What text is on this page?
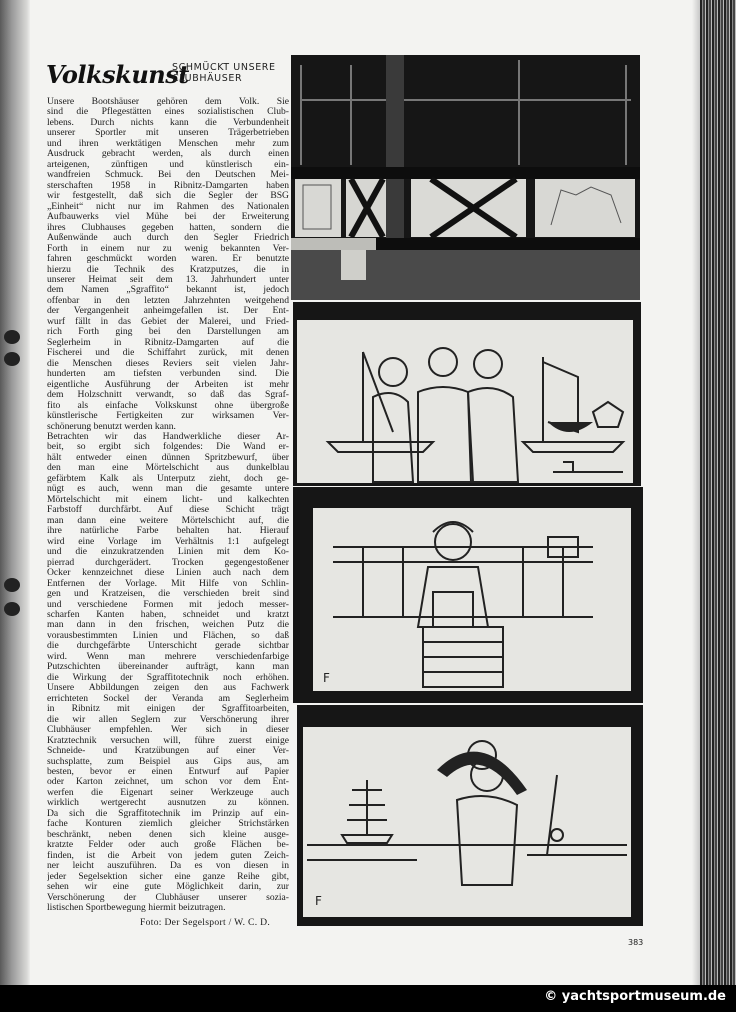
Volkskunst
SCHMÜCKT UNSERE
CLUBHÄUSER
Unsere Bootshäuser gehören dem Volk. Sie
sind die Pflegestätten eines sozialistischen Club-
lebens. Durch nichts kann die Verbundenheit
unserer Sportler mit unseren Trägerbetrieben
und ihren werktätigen Menschen mehr zum
Ausdruck gebracht werden, als durch einen
arteigenen, zünftigen und künstlerisch ein-
wandfreien Schmuck. Bei den Deutschen Mei-
sterschaften 1958 in Ribnitz-Damgarten haben
wir festgestellt, daß sich die Segler der BSG
„Einheit“ nicht nur im Rahmen des Nationalen
Aufbauwerks viel Mühe bei der Erweiterung
ihres Clubhauses gegeben hatten, sondern die
Außenwände auch durch den Segler Friedrich
Forth in einem nur zu wenig bekannten Ver-
fahren geschmückt worden waren. Er benutzte
hierzu die Technik des Kratzputzes, die in
unserer Heimat seit dem 13. Jahrhundert unter
dem Namen „Sgraffito“ bekannt ist, jedoch
offenbar in den letzten Jahrzehnten weitgehend
der Vergangenheit anheimgefallen ist. Der Ent-
wurf fällt in das Gebiet der Malerei, und Fried-
rich Forth ging bei den Darstellungen am
Seglerheim in Ribnitz-Damgarten auf die
Fischerei und die Schiffahrt zurück, mit denen
die Menschen dieses Reviers seit vielen Jahr-
hunderten am tiefsten verbunden sind. Die
eigentliche Ausführung der Arbeiten ist mehr
dem Holzschnitt verwandt, so daß das Sgraf-
fito als einfache Volkskunst ohne übergroße
künstlerische Fertigkeiten zur wirksamen Ver-
schönerung benutzt werden kann.
Betrachten wir das Handwerkliche dieser Ar-
beit, so ergibt sich folgendes: Die Wand er-
hält entweder einen dünnen Spritzbewurf, über
den man eine Mörtelschicht aus dunkelblau
gefärbtem Kalk als Unterputz zieht, doch ge-
nügt es auch, wenn man die gesamte untere
Mörtelschicht mit einem licht- und kalkechten
Farbstoff durchfärbt. Auf diese Schicht trägt
man dann eine weitere Mörtelschicht auf, die
ihre natürliche Farbe behalten hat. Hierauf
wird eine Vorlage im Verhältnis 1:1 aufgelegt
und die einzukratzenden Linien mit dem Ko-
pierrad durchgerädert. Trocken gegengestoßener
Ocker kennzeichnet diese Linien auch nach dem
Entfernen der Vorlage. Mit Hilfe von Schlin-
gen und Kratzeisen, die verschieden breit sind
und verschiedene Formen mit jedoch messer-
scharfen Kanten haben, schneidet und kratzt
man dann in den frischen, weichen Putz die
vorausbestimmten Linien und Flächen, so daß
die durchgefärbte Unterschicht gerade sichtbar
wird. Wenn man mehrere verschiedenfarbige
Putzschichten übereinander aufträgt, kann man
die Wirkung der Sgraffitotechnik noch erhöhen.
Unsere Abbildungen zeigen den aus Fachwerk
errichteten Sockel der Veranda am Seglerheim
in Ribnitz mit einigen der Sgraffitoarbeiten,
die wir allen Seglern zur Verschönerung ihrer
Clubhäuser empfehlen. Wer sich in dieser
Kratztechnik versuchen will, führe zuerst einige
Schneide- und Kratzübungen auf einer Ver-
suchsplatte, zum Beispiel aus Gips aus, am
besten, bevor er einen Entwurf auf Papier
oder Karton zeichnet, um schon vor dem Ent-
werfen die Eigenart seiner Werkzeuge auch
wirklich wertgerecht ausnutzen zu können.
Da sich die Sgraffitotechnik im Prinzip auf ein-
fache Konturen ziemlich gleicher Strichstärken
beschränkt, neben denen sich kleine ausge-
kratzte Felder oder auch große Flächen be-
finden, ist die Arbeit von jedem guten Zeich-
ner leicht auszuführen. Da es von diesen in
jeder Segelsektion sicher eine ganze Reihe gibt,
sehen wir eine gute Möglichkeit darin, zur
Verschönerung der Clubhäuser unserer sozia-
listischen Sportbewegung hiermit beizutragen.
Foto: Der Segelsport / W. C. D.
F
F
383
© yachtsportmuseum.de
